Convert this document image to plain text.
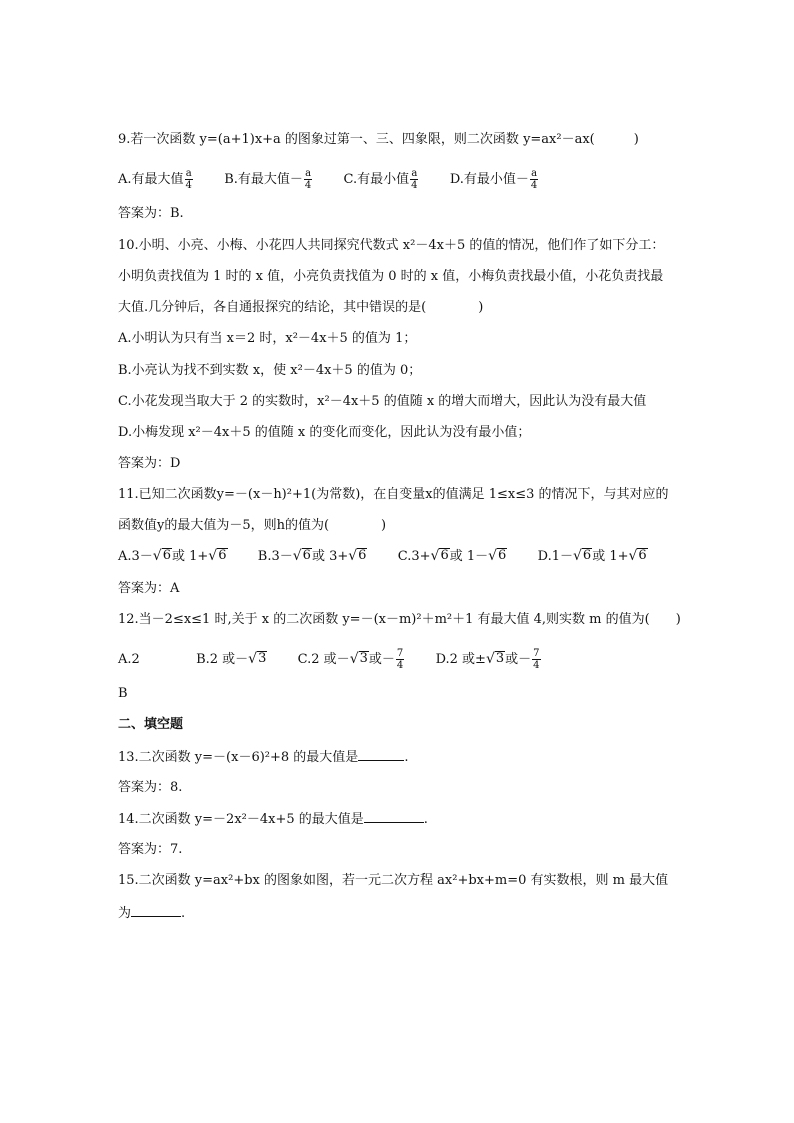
9.若一次函数 y=(a+1)x+a 的图象过第一、三、四象限，则二次函数 y=ax²－ax(　　　)
A.有最大值 $\frac{a}{4} B$.有最大值－ $\frac{a}{4} C$.有最小值 $\frac{a}{4} D$.有最小值－ $\frac{a}{4}$
答案为：B.
10.小明、小亮、小梅、小花四人共同探究代数式 x²－4x＋5 的值的情况，他们作了如下分工：
小明负责找值为 1 时的 x 值，小亮负责找值为 0 时的 x 值，小梅负责找最小值，小花负责找最
大值.几分钟后，各自通报探究的结论，其中错误的是(　　　　)
A.小明认为只有当 x＝2 时，x²－4x＋5 的值为 1；
B.小亮认为找不到实数 x，使 x²－4x＋5 的值为 0；
C.小花发现当取大于 2 的实数时，x²－4x＋5 的值随 x 的增大而增大，因此认为没有最大值
D.小梅发现 x²－4x＋5 的值随 x 的变化而变化，因此认为没有最小值；
答案为：D
11.已知二次函数y=－(x－h)²+1(为常数)，在自变量x的值满足 1≤x≤3 的情况下，与其对应的
函数值y的最大值为－5，则h的值为(　　　　)
A.3－ √ 6 或 1+ √ 6 B.3－ √ 6 或 3+ √ 6 C.3+ √ 6 或 1－ √ 6 D.1－ √ 6 或 1+ √ 6
答案为：A
12.当－2≤x≤1 时,关于 x 的二次函数 y=－(x－m)²＋m²＋1 有最大值 4,则实数 m 的值为(　　)
A.2	B.2 或－ √ 3 C.2 或－ √ 3 或－ $\frac{7}{4} D.2$ 或± √ 3 或－ $\frac{7}{4}$
B
二、填空题
13.二次函数 y=－(x－6)²+8 的最大值是	.
答案为：8.
14.二次函数 y=－2x²－4x+5 的最大值是	.
答案为：7.
15.二次函数 y=ax²+bx 的图象如图，若一元二次方程 ax²+bx+m=0 有实数根，则 m 最大值
为	.
